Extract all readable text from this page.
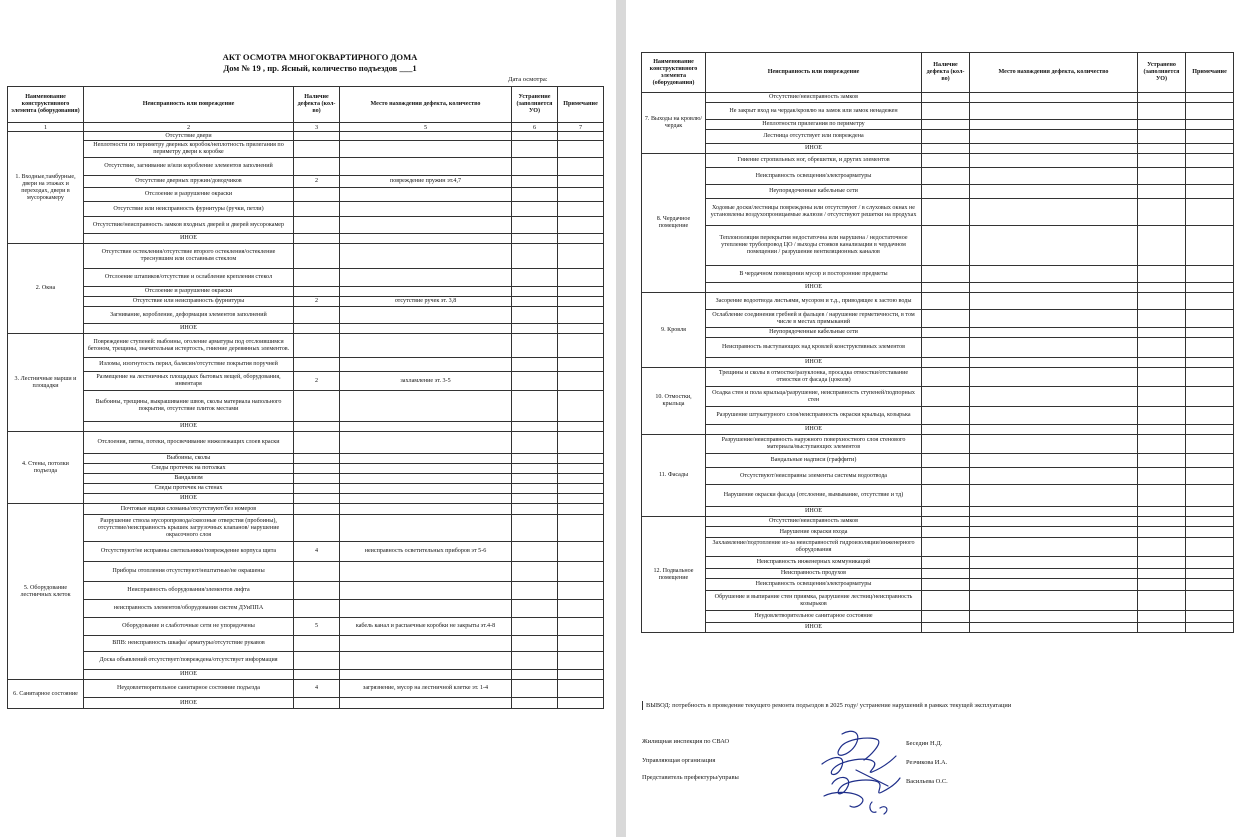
АКТ ОСМОТРА МНОГОКВАРТИРНОГО ДОМА
Дом № 19 , пр. Ясный, количество подъездов ___1
Дата осмотра:
Наименование конструктивного элемента (оборудования)	Неисправность или повреждение	Наличие дефекта (кол-во)	Место нахождения дефекта, количество	Устранение (заполняется УО)	Примечание
1	2	3	5	6	7
1. Входные,тамбурные, двери на этажах и переходах, двери в мусорокамеру	Отсутствие двери				
	Неплотности по периметру дверных коробок/неплотность прилегания по периметру двери к коробке				
	Отсутствие, загнивание и/или коробление элементов заполнений				
	Отсутствие дверных пружин/доводчиков	2	повреждение пружин эт.4,7		
	Отслоение и разрушение окраски				
	Отсутствие или неисправность фурнитуры (ручки, петли)				
	Отсутствие/неисправность замков входных дверей и дверей мусорокамер				
	ИНОЕ				
2. Окна	Отсутствие остекления/отсутствие второго остекления/остекление треснувшим или составным стеклом				
	Отслоение штапиков/отсутствие и ослабление крепления стекол				
	Отслоение и разрушение окраски				
	Отсутствие или неисправность фурнитуры	2	отсутствие ручек эт. 3,8		
	Загнивание, коробление, деформация элементов заполнений				
	ИНОЕ				
3. Лестничные марши и площадки	Повреждение ступеней: выбоины, оголение арматуры под отслоившимся бетоном, трещины, значительная истертость, гниение деревянных элементов.				
	Изломы, изогнутость перил, балясин/отсутствие покрытия поручней				
	Размещение на лестничных площадках бытовых вещей, оборудования, инвентаря	2	захламление эт. 3-5		
	Выбоины, трещины, выкрашивание швов, сколы материала напольного покрытия, отсутствие плиток местами				
	ИНОЕ				
4. Стены, потолки подъезда	Отслоения, пятна, потеки, просвечивание нижележащих слоев краски				
	Выбоины, сколы				
	Следы протечек на потолках				
	Вандализм				
	Следы протечек на стенах				
	ИНОЕ				
5. Оборудование лестничных клеток	Почтовые ящики сломаны/отсутствуют/без номеров				
	Разрушение ствола мусоропровода/сквозные отверстия (пробоины), отсутствие/неисправность крышек загрузочных клапанов/ нарушение окрасочного слоя				
	Отсутствуют/не исправны светильники/повреждение корпуса щита	4	неисправность осветительных приборов эт 5-6		
	Приборы отопления отсутствуют/нештатные/не окрашены				
	Неисправность оборудования/элементов лифта				
	неисправность элементов/оборудования систем ДУиППА				
	Оборудование и слаботочные сети не упорядочены	5	кабель канал и распаечные коробки не закрыты эт.4-8		
	ВПВ: неисправность шкафа/ арматуры/отсутствие рукавов				
	Доска объявлений отсутствует/повреждена/отсутствует информация				
	ИНОЕ				
6. Санитарное состояние	Неудовлетворительное санитарное состояние подъезда	4	загрязнение, мусор на лестничной клетке эт. 1-4		
	ИНОЕ				
Наименование конструктивного элемента (оборудования)	Неисправность или повреждение	Наличие дефекта (кол-во)	Место нахождения дефекта, количество	Устранено (заполняется УО)	Примечание
7. Выходы на кровлю/чердак	Отсутствие/неисправность замков				
	Не закрыт вход на чердак/кровлю на замок или замок ненадежен				
	Неплотности прилегания по периметру				
	Лестница отсутствует или повреждена				
	ИНОЕ				
8. Чердачное помещение	Гниение стропильных ног, обрешетки, и других элементов				
	Неисправность освещения/электроарматуры				
	Неупорядоченные кабельные сети				
	Ходовые доски/лестницы повреждены или отсутствуют / в слуховых окнах не установлены воздухопроницаемые жалюзи / отсутствуют решетки на продухах				
	Теплоизоляция перекрытия недостаточна или нарушена / недостаточное утепление трубопровод ЦО / выходы стояков канализации в чердачном помещении / разрушение вентиляционных каналов				
	В чердачном помещении мусор и посторонние предметы				
	ИНОЕ				
9. Кровля	Засорение водоотвода листьями, мусором и т.д., приводящее к застою воды				
	Ослабление соединения гребней и фальцев / нарушение герметичности, в том числе в местах примыканий				
	Неупорядоченные кабельные сети				
	Неисправность выступающих над кровлей конструктивных элементов				
	ИНОЕ				
10. Отмостки, крыльца	Трещины и сколы в отмостке/разуклонка, просадка отмостки/отставание отмостки от фасада (цоколя)				
	Осадка стен и пола крыльца/разрушение, неисправность ступеней/подпорных стен				
	Разрушение штукатурного слоя/неисправность окраски крыльца, козырька				
	ИНОЕ				
11. Фасады	Разрушение/неисправность наружного поверхностного слоя стенового материала/выступающих элементов				
	Вандальные надписи (граффити)				
	Отсутствуют/неисправны элементы системы водоотвода				
	Нарушение окраски фасада (отслоение, вымывание, отсутствие и тд)				
	ИНОЕ				
12. Подвальное помещение	Отсутствие/неисправность замков				
	Нарушение окраски входа				
	Захламление/подтопление из-за неисправностей гидроизоляции/инженерного оборудования				
	Неисправность инженерных коммуникаций				
	Неисправность продухов				
	Неисправность освещения/электроарматуры				
	Обрушение и выпирание стен приямка, разрушение лестниц/неисправность козырьков				
	Неудовлетворительное санитарное состояние				
	ИНОЕ				
ВЫВОД: потребность в проведение текущего ремонта подъездов в 2025 году/ устранение нарушений в рамках текущей эксплуатации
Жилищная инспекция по СВАО
Управляющая организация
Представитель префектуры/управы
Беседин Н.Д.
Резчикова И.А.
Васильева О.С.
